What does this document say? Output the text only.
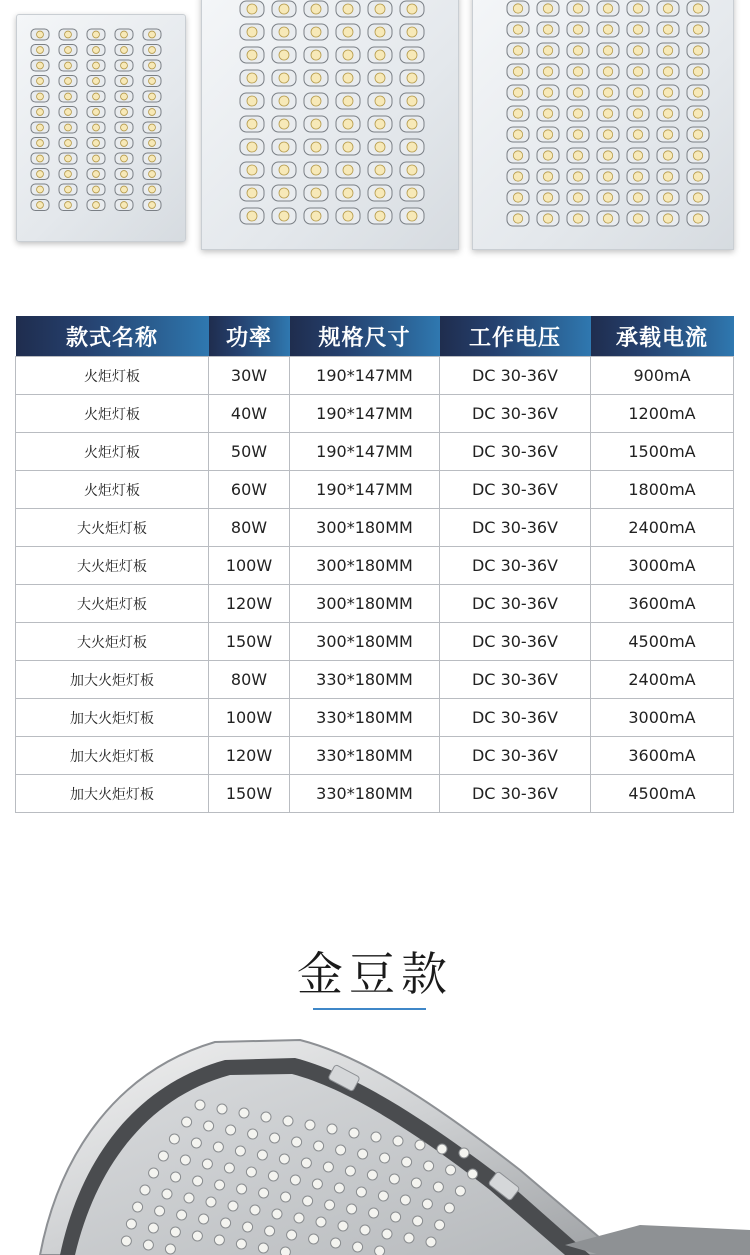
款式名称	功率	规格尺寸	工作电压	承载电流
火炬灯板	30W	190*147MM	DC 30-36V	900mA
火炬灯板	40W	190*147MM	DC 30-36V	1200mA
火炬灯板	50W	190*147MM	DC 30-36V	1500mA
火炬灯板	60W	190*147MM	DC 30-36V	1800mA
大火炬灯板	80W	300*180MM	DC 30-36V	2400mA
大火炬灯板	100W	300*180MM	DC 30-36V	3000mA
大火炬灯板	120W	300*180MM	DC 30-36V	3600mA
大火炬灯板	150W	300*180MM	DC 30-36V	4500mA
加大火炬灯板	80W	330*180MM	DC 30-36V	2400mA
加大火炬灯板	100W	330*180MM	DC 30-36V	3000mA
加大火炬灯板	120W	330*180MM	DC 30-36V	3600mA
加大火炬灯板	150W	330*180MM	DC 30-36V	4500mA
金豆款
